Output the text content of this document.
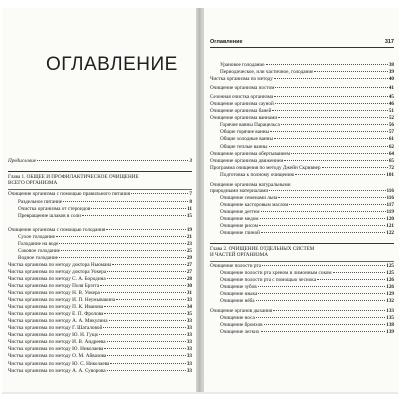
ОГЛАВЛЕНИЕ
Предисловие	3
Глава 1. ОБЩЕЕ И ПРОФИЛАКТИЧЕСКОЕ ОЧИЩЕНИЕ
ВСЕГО ОРГАНИЗМА
Очищение организма с помощью правильного питания	7
Раздельное питание	8
Очистка организма от стероидов	11
Превращение шлаков в соли	15
Очищение организма с помощью голодания	19
Сухое голодание	21
Голодание на воде	23
Соковое голодание	25
Водное голодание	29
Чистка организма по методу доктора Ньюмана	27
Чистка организма по методу доктора Уокера	27
Чистка организма по методу С. А. Бородина	28
Чистка организма по методу Поля Брэгга	30
Чистка организма по методу Н. В. Уокера	31
Чистка организма по методу И. П. Неумывакина	33
Чистка организма по методу П. К. Иванова	34
Чистка организма по методу Е. П. Фролова	35
Чистка организма по методу А. А. Микулина	33
Чистка организма по методу Г. Шаталовой	33
Чистка организма по методу Ю. Н. Гущо	33
Чистка организма по методу И. В. Андреева	33
Чистка организма по методу Ю. Николаева	33
Чистка организма по методу О. М. Айвазова	33
Чистка организма по методу Ю. С. Николаева	33
Чистка организма по методу А. А. Суворова	33
Оглавление	317
Урановое голодание	38
Периодическое, или частичное, голодание	39
Чистка организма по методу	40
Очищение организма постом	41
Сезонная очистка организма	45
Очищение организма сауной	46
Очищение организма баней	51
Очищение организма ваннами	52
Горячие ванны Парацельса	56
Общие горячие ванны	57
Общие холодные ванны	61
Общие теплые ванны	62
Очищение организма обертыванием	64
Очищение организма движением	65
Программа очищения по методу Джейн Скривнер	72
Подготовка к полному очищению	101
Очищение организма натуральными
природными материалами	116
Очищение семенами льна	116
Очищение касторовым маслом	117
Очищение дегтем	119
Очищение медом	120
Очищение рисом	121
Очищение глиной	122
Глава 2. ОЧИЩЕНИЕ ОТДЕЛЬНЫХ СИСТЕМ
И ЧАСТЕЙ ОРГАНИЗМА
Очищение полости рта	125
Очищение полости рта хреном и лимонным соком	125
Очищение полости рта с помощью чеснока	126
Очищение зубов	126
Очищение языка	129
Очищение нёба	132
Очищение органов дыхания	133
Очищение носа	135
Очищение бронхов	138
Очищение легких	139
